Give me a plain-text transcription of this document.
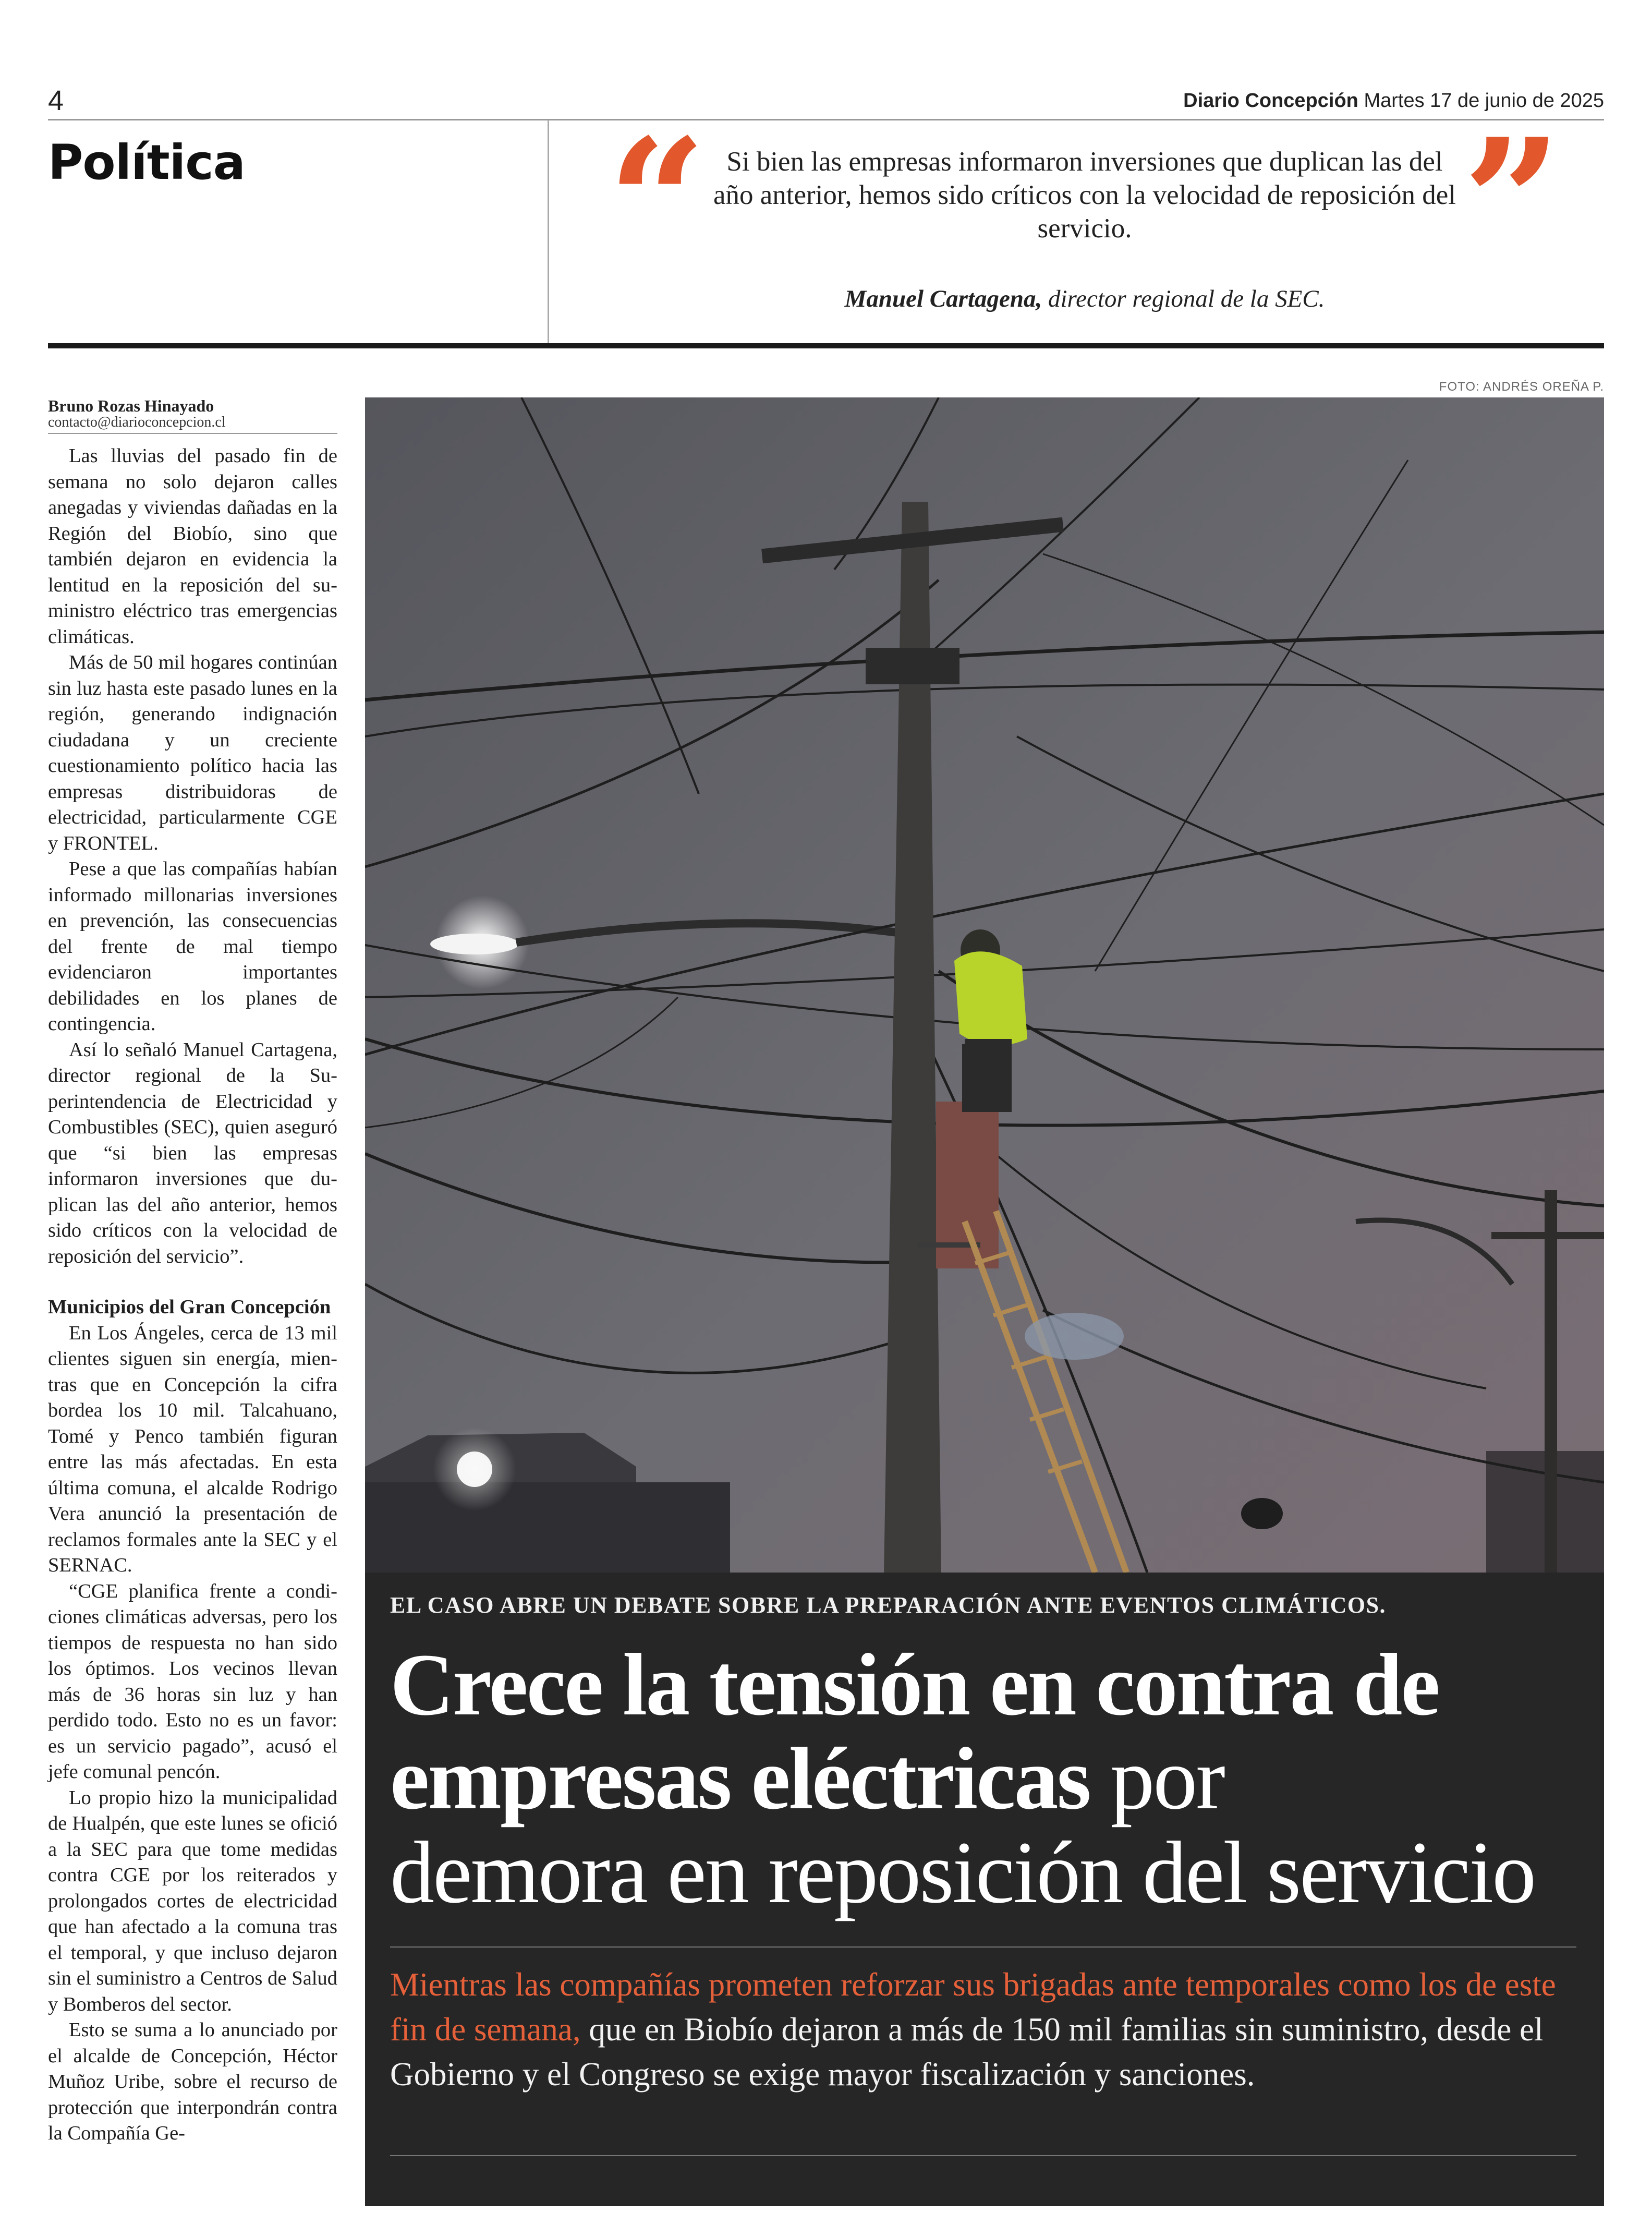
4	Diario Concepción Martes 17 de junio de 2025
Política “ Si bien las empresas informaron inversiones que duplican las del año anterior, hemos sido críticos con la velocidad de reposición del servicio.	”
Manuel Cartagena, director regional de la SEC.
Bruno Rozas Hinayado
contacto@diarioconcepcion.cl

Las lluvias del pasado fin de semana no solo dejaron calles anegadas y viviendas dañadas en la Región del Biobío, sino que también dejaron en evidencia la lentitud en la reposición del suministro eléctrico tras emergencias climáticas.

Más de 50 mil hogares continúan sin luz hasta este pasado lunes en la región, generando indignación ciudadana y un creciente cuestionamiento político hacia las empresas distribuidoras de electricidad, particularmente CGE y FRONTEL.

Pese a que las compañías habían informado millonarias inversiones en prevención, las consecuencias del frente de mal tiempo evidenciaron importantes debilidades en los planes de contingencia.

Así lo señaló Manuel Cartagena, director regional de la Superintendencia de Electricidad y Combustibles (SEC), quien aseguró que “si bien las empresas informaron inversiones que duplican las del año anterior, hemos sido críticos con la velocidad de reposición del servicio”.

Municipios del Gran Concepción

En Los Ángeles, cerca de 13 mil clientes siguen sin energía, mientras que en Concepción la cifra bordea los 10 mil. Talcahuano, Tomé y Penco también figuran entre las más afectadas. En esta última comuna, el alcalde Rodrigo Vera anunció la presentación de reclamos formales ante la SEC y el SERNAC.

“CGE planifica frente a condiciones climáticas adversas, pero los tiempos de respuesta no han sido los óptimos. Los vecinos llevan más de 36 horas sin luz y han perdido todo. Esto no es un favor: es un servicio pagado”, acusó el jefe comunal pencón.

Lo propio hizo la municipalidad de Hualpén, que este lunes se ofició a la SEC para que tome medidas contra CGE por los reiterados y prolongados cortes de electricidad que han afectado a la comuna tras el temporal, y que incluso dejaron sin el suministro a Centros de Salud y Bomberos del sector.

Esto se suma a lo anunciado por el alcalde de Concepción, Héctor Muñoz Uribe, sobre el recurso de protección que interpondrán contra la Compañía Ge-

FOTO: ANDRÉS OREÑA P.
EL CASO ABRE UN DEBATE SOBRE LA PREPARACIÓN ANTE EVENTOS CLIMÁTICOS.
Crece la tensión en contra de
empresas eléctricas por
demora en reposición del servicio
Mientras las compañías prometen reforzar sus brigadas ante temporales como los de este fin de semana, que en Biobío dejaron a más de 150 mil familias sin suministro, desde el Gobierno y el Congreso se exige mayor fiscalización y sanciones.
